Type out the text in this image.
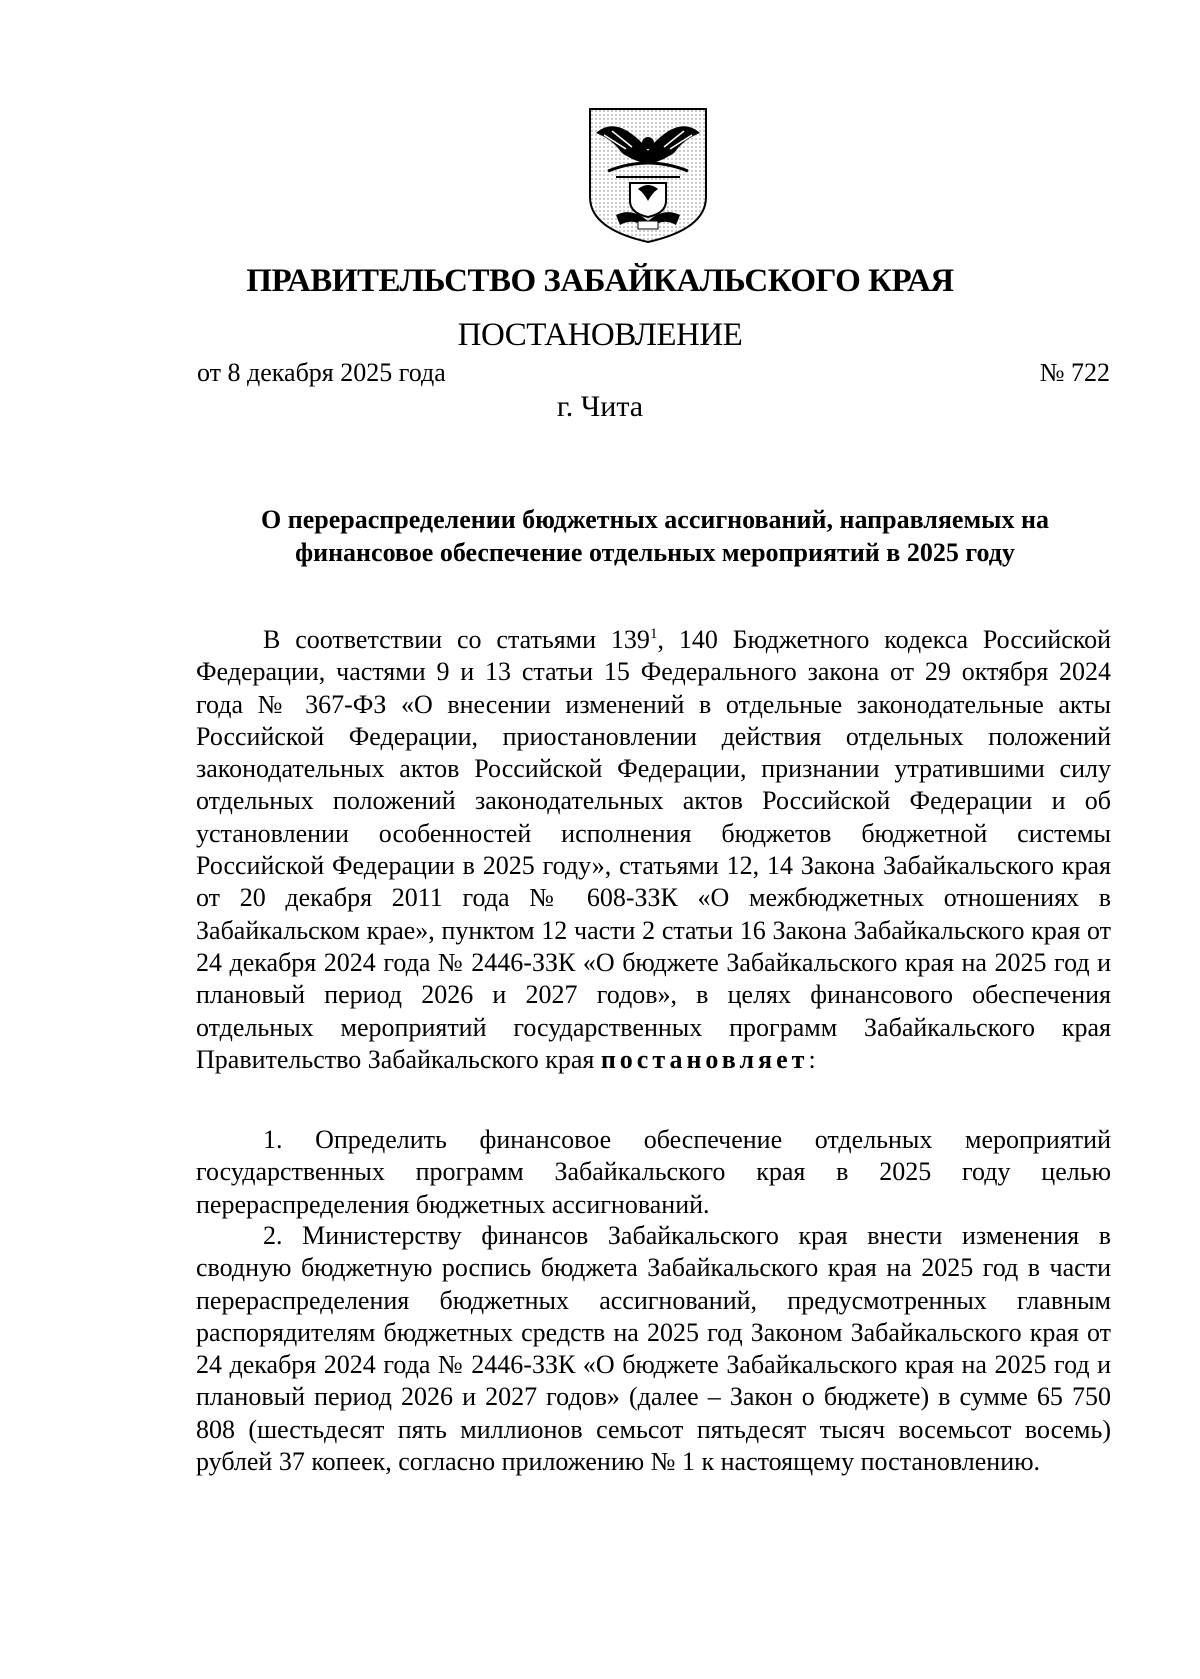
ПРАВИТЕЛЬСТВО ЗАБАЙКАЛЬСКОГО КРАЯ
ПОСТАНОВЛЕНИЕ
от 8 декабря 2025 года	№ 722
г. Чита
О перераспределении бюджетных ассигнований, направляемых на финансовое обеспечение отдельных мероприятий в 2025 году

В соответствии со статьями $139^1$, 140 Бюджетного кодекса Российской Федерации, частями 9 и 13 статьи 15 Федерального закона от 29 октября 2024 года № 367-ФЗ «О внесении изменений в отдельные законодательные акты Российской Федерации, приостановлении действия отдельных положений законодательных актов Российской Федерации, признании утратившими силу отдельных положений законодательных актов Российской Федерации и об установлении особенностей исполнения бюджетов бюджетной системы Российской Федерации в 2025 году», статьями 12, 14 Закона Забайкальского края от 20 декабря 2011 года № 608-ЗЗК «О межбюджетных отношениях в Забайкальском крае», пунктом 12 части 2 статьи 16 Закона Забайкальского края от 24 декабря 2024 года № 2446-ЗЗК «О бюджете Забайкальского края на 2025 год и плановый период 2026 и 2027 годов», в целях финансового обеспечения отдельных мероприятий государственных программ Забайкальского края Правительство Забайкальского края постановляет:

1. Определить финансовое обеспечение отдельных мероприятий государственных программ Забайкальского края в 2025 году целью перераспределения бюджетных ассигнований.

2. Министерству финансов Забайкальского края внести изменения в сводную бюджетную роспись бюджета Забайкальского края на 2025 год в части перераспределения бюджетных ассигнований, предусмотренных главным распорядителям бюджетных средств на 2025 год Законом Забайкальского края от 24 декабря 2024 года № 2446-ЗЗК «О бюджете Забайкальского края на 2025 год и плановый период 2026 и 2027 годов» (далее – Закон о бюджете) в сумме 65 750 808 (шестьдесят пять миллионов семьсот пятьдесят тысяч восемьсот восемь) рублей 37 копеек, согласно приложению № 1 к настоящему постановлению.
